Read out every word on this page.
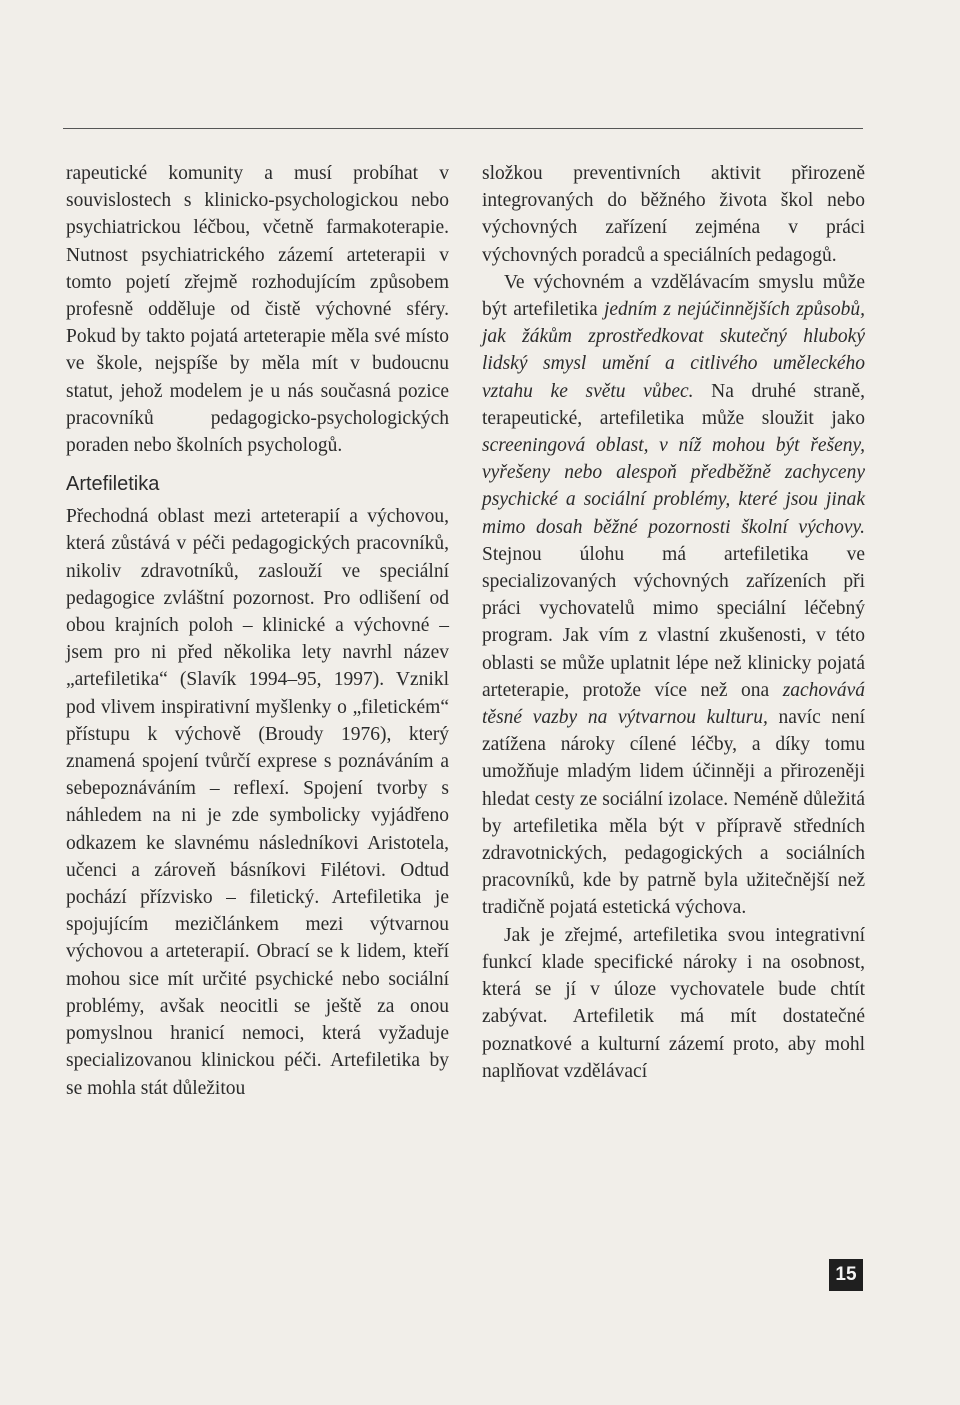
rapeutické komunity a musí probíhat v souvislostech s klinicko-psychologickou nebo psychiatrickou léčbou, včetně farmakoterapie. Nutnost psychiatrického zázemí arteterapii v tomto pojetí zřejmě rozhodujícím způsobem profesně odděluje od čistě výchovné sféry. Pokud by takto pojatá arteterapie měla své místo ve škole, nejspíše by měla mít v budoucnu statut, jehož modelem je u nás současná pozice pracovníků pedagogicko-psychologických poraden nebo školních psychologů.

Artefiletika

Přechodná oblast mezi arteterapií a výchovou, která zůstává v péči pedagogických pracovníků, nikoliv zdravotníků, zaslouží ve speciální pedagogice zvláštní pozornost. Pro odlišení od obou krajních poloh – klinické a výchovné – jsem pro ni před několika lety navrhl název „artefiletika“ (Slavík 1994–95, 1997). Vznikl pod vlivem inspirativní myšlenky o „filetickém“ přístupu k výchově (Broudy 1976), který znamená spojení tvůrčí exprese s poznáváním a sebepoznáváním – reflexí. Spojení tvorby s náhledem na ni je zde symbolicky vyjádřeno odkazem ke slavnému následníkovi Aristotela, učenci a zároveň básníkovi Filétovi. Odtud pochází přízvisko – filetický. Artefiletika je spojujícím mezičlánkem mezi výtvarnou výchovou a arteterapií. Obrací se k lidem, kteří mohou sice mít určité psychické nebo sociální problémy, avšak neocitli se ještě za onou pomyslnou hranicí nemoci, která vyžaduje specializovanou klinickou péči. Artefiletika by se mohla stát důležitou

složkou preventivních aktivit přirozeně integrovaných do běžného života škol nebo výchovných zařízení zejména v práci výchovných poradců a speciálních pedagogů.

Ve výchovném a vzdělávacím smyslu může být artefiletika jedním z nejúčinnějších způsobů, jak žákům zprostředkovat skutečný hluboký lidský smysl umění a citlivého uměleckého vztahu ke světu vůbec. Na druhé straně, terapeutické, artefiletika může sloužit jako screeningová oblast, v níž mohou být řešeny, vyřešeny nebo alespoň předběžně zachyceny psychické a sociální problémy, které jsou jinak mimo dosah běžné pozornosti školní výchovy. Stejnou úlohu má artefiletika ve specializovaných výchovných zařízeních při práci vychovatelů mimo speciální léčebný program. Jak vím z vlastní zkušenosti, v této oblasti se může uplatnit lépe než klinicky pojatá arteterapie, protože více než ona zachovává těsné vazby na výtvarnou kulturu, navíc není zatížena nároky cílené léčby, a díky tomu umožňuje mladým lidem účinněji a přirozeněji hledat cesty ze sociální izolace. Neméně důležitá by artefiletika měla být v přípravě středních zdravotnických, pedagogických a sociálních pracovníků, kde by patrně byla užitečnější než tradičně pojatá estetická výchova.

Jak je zřejmé, artefiletika svou integrativní funkcí klade specifické nároky i na osobnost, která se jí v úloze vychovatele bude chtít zabývat. Artefiletik má mít dostatečné poznatkové a kulturní zázemí proto, aby mohl naplňovat vzdělávací

15
